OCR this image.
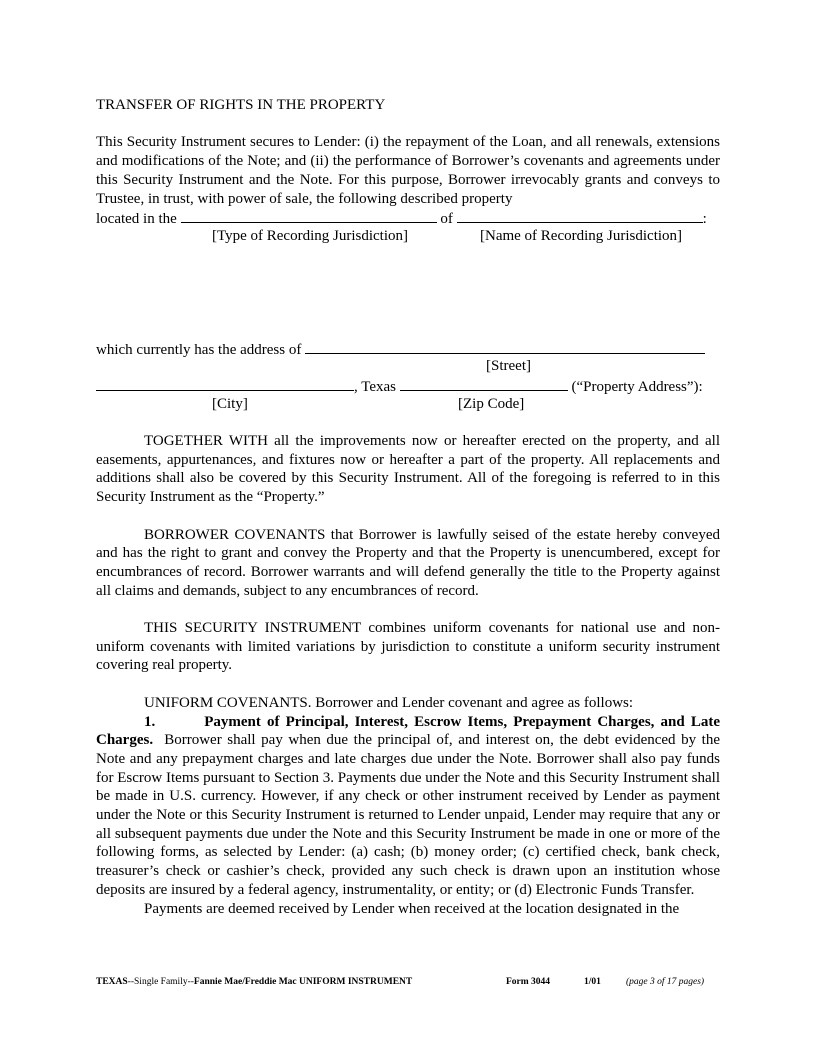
TRANSFER OF RIGHTS IN THE PROPERTY

This Security Instrument secures to Lender: (i) the repayment of the Loan, and all renewals, extensions and modifications of the Note; and (ii) the performance of Borrower’s covenants and agreements under this Security Instrument and the Note. For this purpose, Borrower irrevocably grants and conveys to Trustee, in trust, with power of sale, the following described property

located in the	of	:
[Type of Recording Jurisdiction]	[Name of Recording Jurisdiction]
which currently has the address of
[Street]
, Texas	(“Property Address”):
[City]	[Zip Code]

TOGETHER WITH all the improvements now or hereafter erected on the property, and all easements, appurtenances, and fixtures now or hereafter a part of the property. All replacements and additions shall also be covered by this Security Instrument. All of the foregoing is referred to in this Security Instrument as the “Property.”

BORROWER COVENANTS that Borrower is lawfully seised of the estate hereby conveyed and has the right to grant and convey the Property and that the Property is unencumbered, except for encumbrances of record. Borrower warrants and will defend generally the title to the Property against all claims and demands, subject to any encumbrances of record.

THIS SECURITY INSTRUMENT combines uniform covenants for national use and non-uniform covenants with limited variations by jurisdiction to constitute a uniform security instrument covering real property.

UNIFORM COVENANTS. Borrower and Lender covenant and agree as follows:

1.	Payment of Principal, Interest, Escrow Items, Prepayment Charges, and Late Charges. Borrower shall pay when due the principal of, and interest on, the debt evidenced by the Note and any prepayment charges and late charges due under the Note. Borrower shall also pay funds for Escrow Items pursuant to Section 3. Payments due under the Note and this Security Instrument shall be made in U.S. currency. However, if any check or other instrument received by Lender as payment under the Note or this Security Instrument is returned to Lender unpaid, Lender may require that any or all subsequent payments due under the Note and this Security Instrument be made in one or more of the following forms, as selected by Lender: (a) cash; (b) money order; (c) certified check, bank check, treasurer’s check or cashier’s check, provided any such check is drawn upon an institution whose deposits are insured by a federal agency, instrumentality, or entity; or (d) Electronic Funds Transfer.

Payments are deemed received by Lender when received at the location designated in the

TEXAS--Single Family--Fannie Mae/Freddie Mac UNIFORM INSTRUMENT	Form 3044	1/01	(page 3 of 17 pages)
